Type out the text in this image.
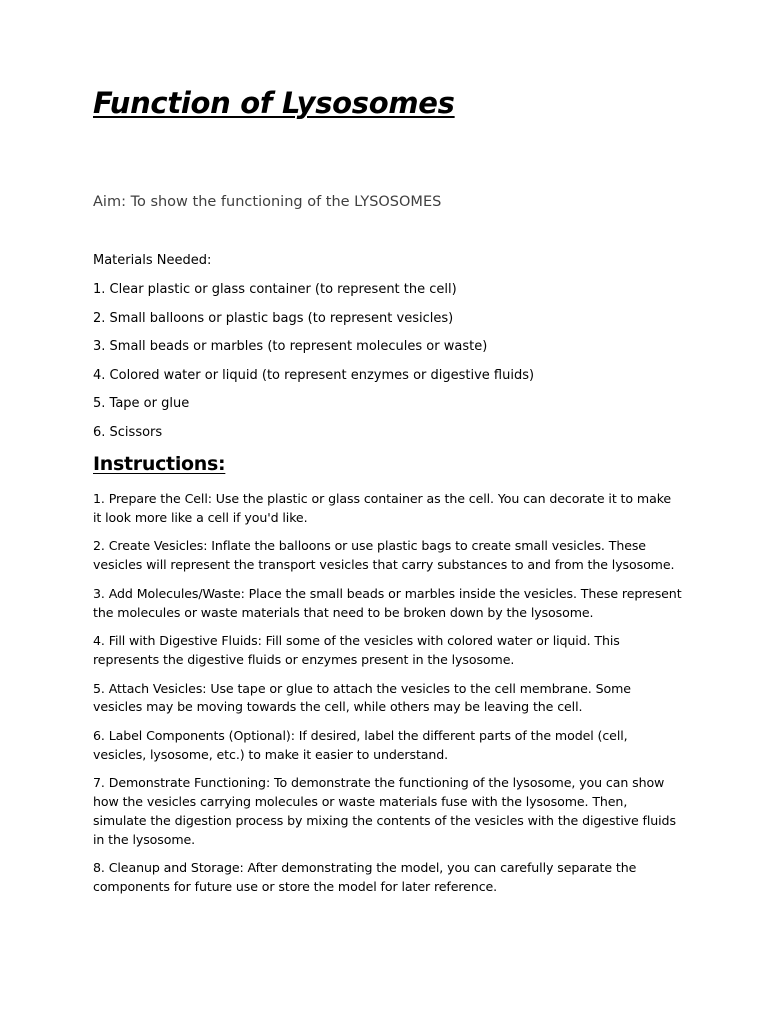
Function of Lysosomes

Aim: To show the functioning of the LYSOSOMES

Materials Needed:

1. Clear plastic or glass container (to represent the cell)
2. Small balloons or plastic bags (to represent vesicles)
3. Small beads or marbles (to represent molecules or waste)
4. Colored water or liquid (to represent enzymes or digestive fluids)
5. Tape or glue
6. Scissors
Instructions:
1. Prepare the Cell: Use the plastic or glass container as the cell. You can decorate it to make it look more like a cell if you'd like.
2. Create Vesicles: Inflate the balloons or use plastic bags to create small vesicles. These vesicles will represent the transport vesicles that carry substances to and from the lysosome.
3. Add Molecules/Waste: Place the small beads or marbles inside the vesicles. These represent the molecules or waste materials that need to be broken down by the lysosome.
4. Fill with Digestive Fluids: Fill some of the vesicles with colored water or liquid. This represents the digestive fluids or enzymes present in the lysosome.
5. Attach Vesicles: Use tape or glue to attach the vesicles to the cell membrane. Some vesicles may be moving towards the cell, while others may be leaving the cell.
6. Label Components (Optional): If desired, label the different parts of the model (cell, vesicles, lysosome, etc.) to make it easier to understand.
7. Demonstrate Functioning: To demonstrate the functioning of the lysosome, you can show how the vesicles carrying molecules or waste materials fuse with the lysosome. Then, simulate the digestion process by mixing the contents of the vesicles with the digestive fluids in the lysosome.
8. Cleanup and Storage: After demonstrating the model, you can carefully separate the components for future use or store the model for later reference.
